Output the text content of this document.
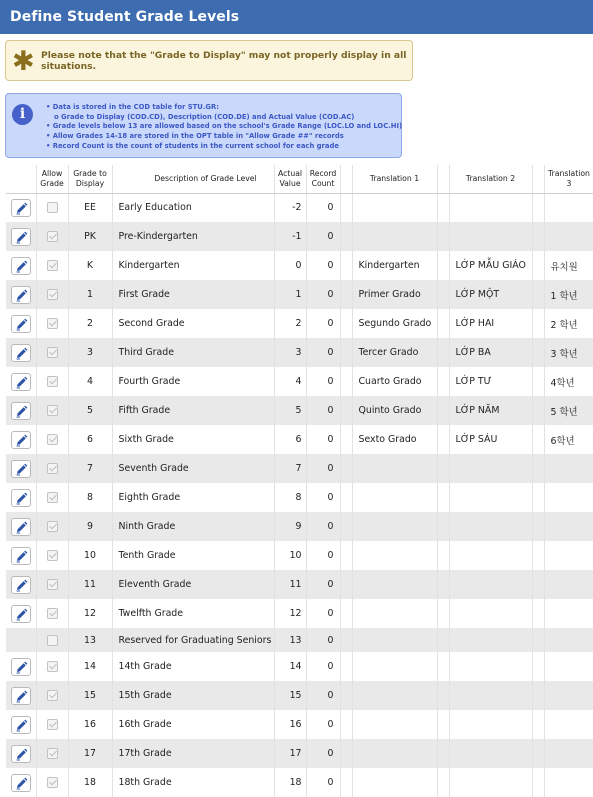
Define Student Grade Levels
✱ Please note that the "Grade to Display" may not properly display in all situations.
i	• Data is stored in the COD table for STU.GR:
o Grade to Display (COD.CD), Description (COD.DE) and Actual Value (COD.AC)
• Grade levels below 13 are allowed based on the school's Grade Range (LOC.LO and LOC.HI)
• Allow Grades 14-18 are stored in the OPT table in "Allow Grade ##" records
• Record Count is the count of students in the current school for each grade
	Allow Grade	Grade to Display	Description of Grade Level	Actual Value	Record Count		Translation 1		Translation 2		Translation 3

		EE	Early Education	-2	0						

		PK	Pre-Kindergarten	-1	0						

		K	Kindergarten	0	0		Kindergarten		LỚP MẪU GIÁO		유치원

		1	First Grade	1	0		Primer Grado		LỚP MỘT		1 학년

		2	Second Grade	2	0		Segundo Grado		LỚP HAI		2 학년

		3	Third Grade	3	0		Tercer Grado		LỚP BA		3 학년

		4	Fourth Grade	4	0		Cuarto Grado		LỚP TƯ		4학년

		5	Fifth Grade	5	0		Quinto Grado		LỚP NĂM		5 학년

		6	Sixth Grade	6	0		Sexto Grado		LỚP SÁU		6학년

		7	Seventh Grade	7	0						

		8	Eighth Grade	8	0						

		9	Ninth Grade	9	0						

		10	Tenth Grade	10	0						

		11	Eleventh Grade	11	0						

		12	Twelfth Grade	12	0						
		13	Reserved for Graduating Seniors	13	0						

		14	14th Grade	14	0						

		15	15th Grade	15	0						

		16	16th Grade	16	0						

		17	17th Grade	17	0						

		18	18th Grade	18	0						
